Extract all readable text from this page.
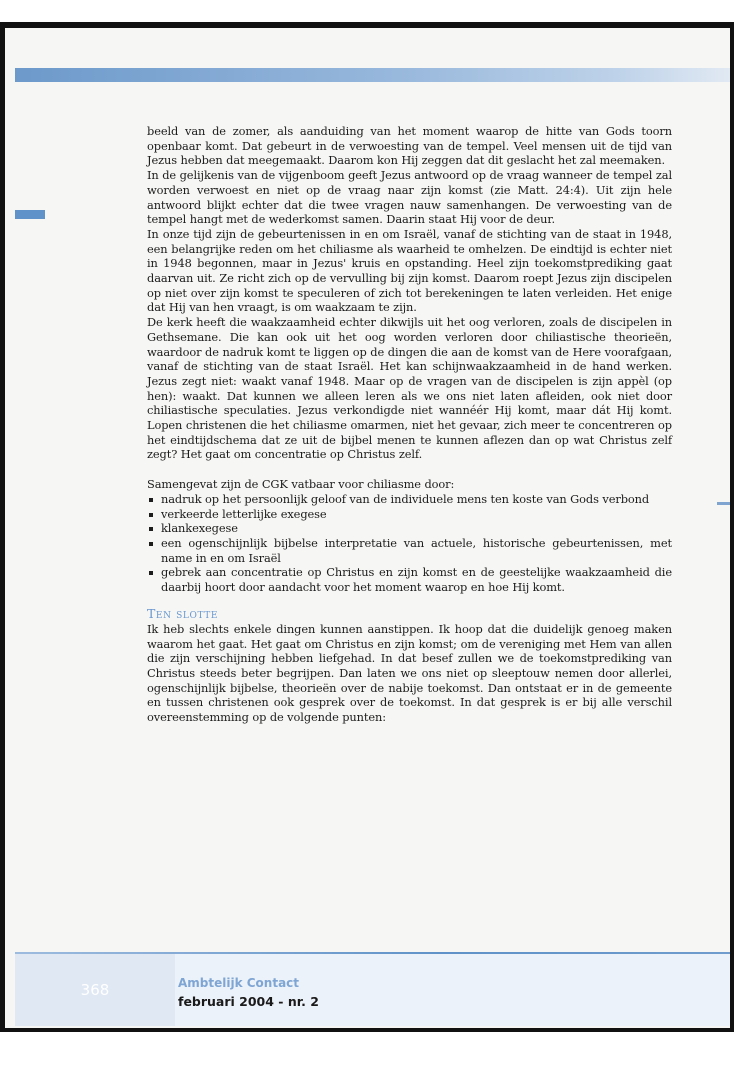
368	Ambtelijk Contact
februari 2004 - nr. 2

beeld van de zomer, als aanduiding van het moment waarop de hitte van Gods toorn openbaar komt. Dat gebeurt in de verwoesting van de tempel. Veel mensen uit de tijd van Jezus hebben dat meegemaakt. Daarom kon Hij zeggen dat dit geslacht het zal meemaken.

In de gelijkenis van de vijgenboom geeft Jezus antwoord op de vraag wanneer de tempel zal worden verwoest en niet op de vraag naar zijn komst (zie Matt. 24:4). Uit zijn hele antwoord blijkt echter dat die twee vragen nauw samenhangen. De verwoesting van de tempel hangt met de wederkomst samen. Daarin staat Hij voor de deur.

In onze tijd zijn de gebeurtenissen in en om Israël, vanaf de stichting van de staat in 1948, een belangrijke reden om het chiliasme als waarheid te omhelzen. De eindtijd is echter niet in 1948 begonnen, maar in Jezus' kruis en opstanding. Heel zijn toekomstprediking gaat daarvan uit. Ze richt zich op de vervulling bij zijn komst. Daarom roept Jezus zijn discipelen op niet over zijn komst te speculeren of zich tot berekeningen te laten verleiden. Het enige dat Hij van hen vraagt, is om waakzaam te zijn.

De kerk heeft die waakzaamheid echter dikwijls uit het oog verloren, zoals de discipelen in Gethsemane. Die kan ook uit het oog worden verloren door chiliastische theorieën, waardoor de nadruk komt te liggen op de dingen die aan de komst van de Here voorafgaan, vanaf de stichting van de staat Israël. Het kan schijnwaakzaamheid in de hand werken. Jezus zegt niet: waakt vanaf 1948. Maar op de vragen van de discipelen is zijn appèl (op hen): waakt. Dat kunnen we alleen leren als we ons niet laten afleiden, ook niet door chiliastische speculaties. Jezus verkondigde niet wannéér Hij komt, maar dát Hij komt. Lopen christenen die het chiliasme omarmen, niet het gevaar, zich meer te concentreren op het eindtijdschema dat ze uit de bijbel menen te kunnen aflezen dan op wat Christus zelf zegt? Het gaat om concentratie op Christus zelf.

Samengevat zijn de CGK vatbaar voor chiliasme door:

nadruk op het persoonlijk geloof van de individuele mens ten koste van Gods verbond
verkeerde letterlijke exegese
klankexegese
een ogenschijnlijk bijbelse interpretatie van actuele, historische gebeurtenissen, met name in en om Israël
gebrek aan concentratie op Christus en zijn komst en de geestelijke waakzaamheid die daarbij hoort door aandacht voor het moment waarop en hoe Hij komt.
Ten slotte

Ik heb slechts enkele dingen kunnen aanstippen. Ik hoop dat die duidelijk genoeg maken waarom het gaat. Het gaat om Christus en zijn komst; om de vereniging met Hem van allen die zijn verschijning hebben liefgehad. In dat besef zullen we de toekomstprediking van Christus steeds beter begrijpen. Dan laten we ons niet op sleeptouw nemen door allerlei, ogenschijnlijk bijbelse, theorieën over de nabije toekomst. Dan ontstaat er in de gemeente en tussen christenen ook gesprek over de toekomst. In dat gesprek is er bij alle verschil overeenstemming op de volgende punten:
